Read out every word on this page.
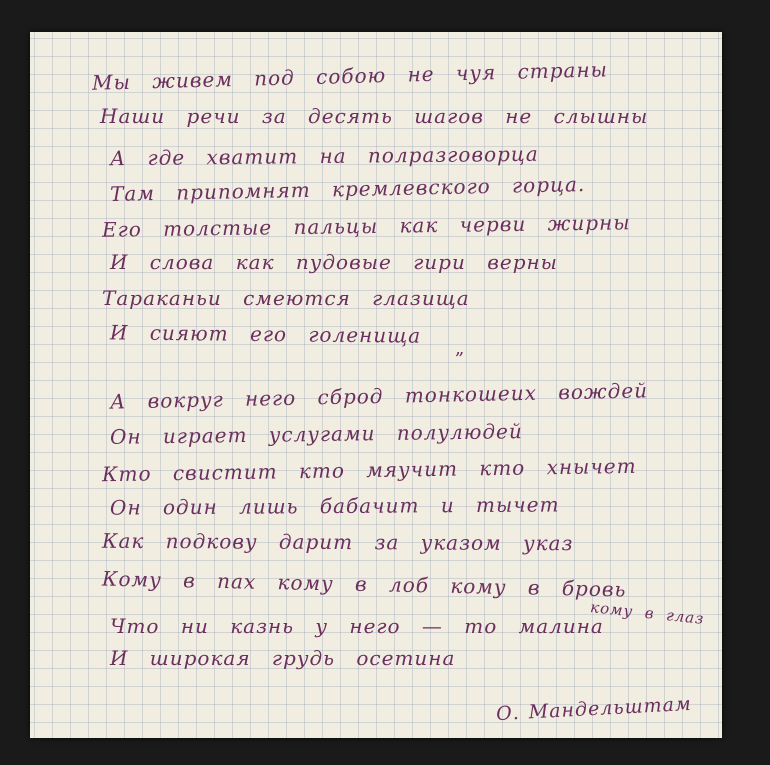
Мы живем под собою не чуя страны
Наши речи за десять шагов не слышны
А где хватит на полразговорца
Там припомнят кремлевского горца.
Его толстые пальцы как черви жирны
И слова как пудовые гири верны
Тараканьи смеются глазища
И сияют его голенища
„
А вокруг него сброд тонкошеих вождей
Он играет услугами полулюдей
Кто свистит кто мяучит кто хнычет
Он один лишь бабачит и тычет
Как подкову дарит за указом указ
Кому в пах кому в лоб кому в бровь
кому в глаз
Что ни казнь у него — то малина
И широкая грудь осетина
О. Мандельштам
